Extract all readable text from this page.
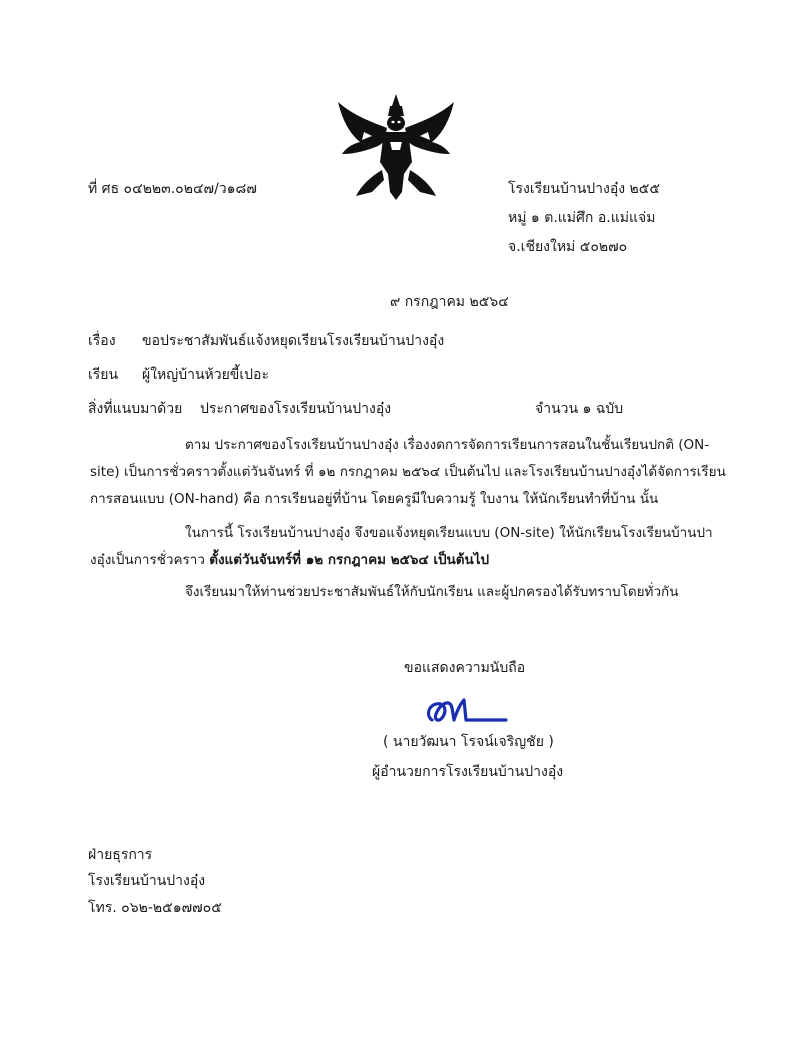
ที่ ศธ ๐๔๒๒๓.๐๒๔๗/ว๑๘๗	โรงเรียนบ้านปางอุ๋ง ๒๕๕
หมู่ ๑ ต.แม่ศึก อ.แม่แจ่ม
จ.เชียงใหม่ ๕๐๒๗๐
๙ กรกฎาคม ๒๕๖๔
เรื่อง ขอประชาสัมพันธ์แจ้งหยุดเรียนโรงเรียนบ้านปางอุ๋ง
เรียน ผู้ใหญ่บ้านห้วยขี้เปอะ
สิ่งที่แนบมาด้วย ประกาศของโรงเรียนบ้านปางอุ๋ง	จำนวน ๑ ฉบับ
ตาม ประกาศของโรงเรียนบ้านปางอุ๋ง เรื่องงดการจัดการเรียนการสอนในชั้นเรียนปกติ (ON-site) เป็นการชั่วคราวตั้งแต่วันจันทร์ ที่ ๑๒ กรกฎาคม ๒๕๖๔ เป็นต้นไป และโรงเรียนบ้านปางอุ๋งได้จัดการเรียนการสอนแบบ (ON-hand) คือ การเรียนอยู่ที่บ้าน โดยครูมีใบความรู้ ใบงาน ให้นักเรียนทำที่บ้าน นั้น
ในการนี้ โรงเรียนบ้านปางอุ๋ง จึงขอแจ้งหยุดเรียนแบบ (ON-site) ให้นักเรียนโรงเรียนบ้านปางอุ๋งเป็นการชั่วคราว ตั้งแต่วันจันทร์ที่ ๑๒ กรกฎาคม ๒๕๖๔ เป็นต้นไป
จึงเรียนมาให้ท่านช่วยประชาสัมพันธ์ให้กับนักเรียน และผู้ปกครองได้รับทราบโดยทั่วกัน
ขอแสดงความนับถือ
( นายวัฒนา โรจน์เจริญชัย )
ผู้อำนวยการโรงเรียนบ้านปางอุ๋ง
ฝ่ายธุรการ
โรงเรียนบ้านปางอุ๋ง
โทร. ๐๖๒-๒๕๑๗๗๐๕
